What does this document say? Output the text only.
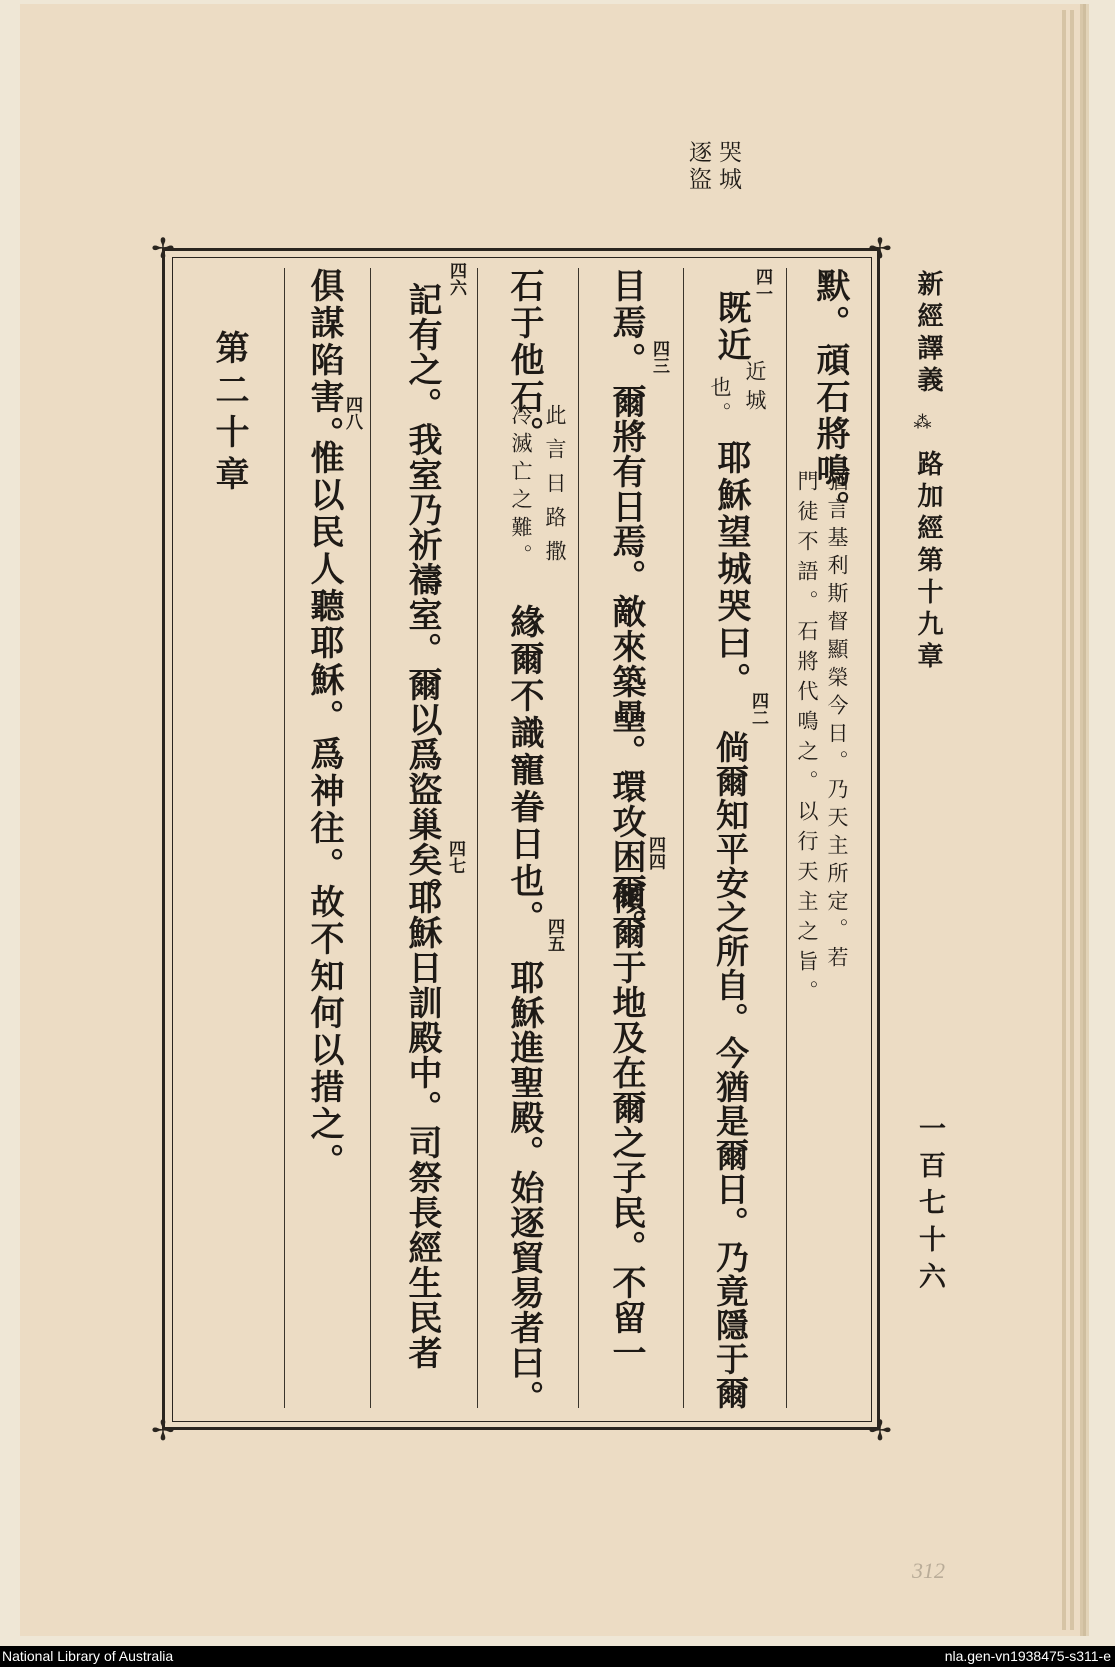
哭城
逐盜
✢	✢
✢	✢
新經譯義
⁂
路加經第十九章
一百七十六
默。頑石將鳴。
猶言基利斯督顯榮今日。乃天主所定。若
門徒不語。石將代鳴之。以行天主之旨。
四一
既近
也。 近城
耶穌望城哭曰。
四二
倘爾知平安之所自。今猶是爾日。乃竟隱于爾
目焉。 四三
爾將有日焉。敵來築壘。環攻困爾。 四四
傾爾于地及在爾之子民。不留一
石于他石。
此言日路撒
冷滅亡之難。
緣爾不識寵眷日也。 四五
耶穌進聖殿。始逐貿易者曰。
四六
記有之。我室乃祈禱室。爾以爲盜巢矣。 四七
耶穌日訓殿中。司祭長經生民者
俱謀陷害。
四八
惟以民人聽耶穌。爲神往。故不知何以措之。
第二十章
312
National Library of Australia	nla.gen-vn1938475-s311-e
